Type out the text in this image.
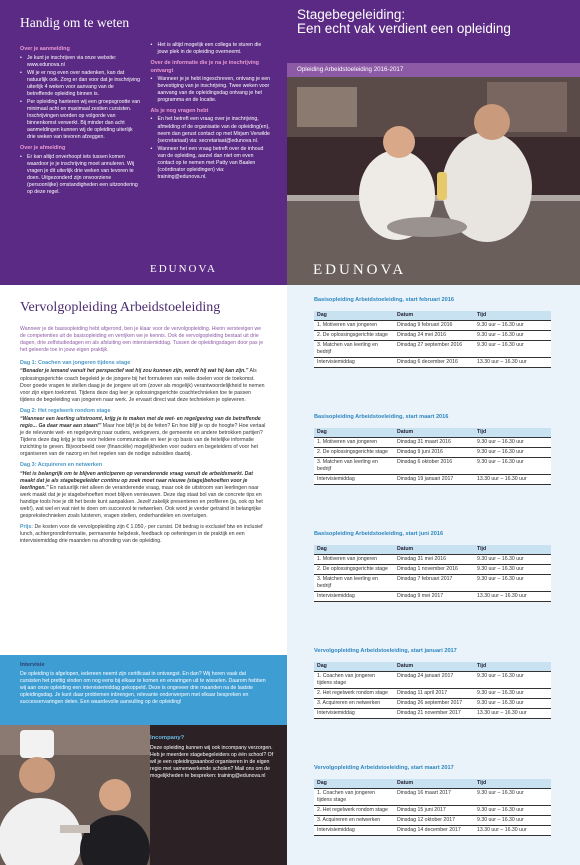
Handig om te weten
Over je aanmelding
• Je kunt je inschrijven via onze website: www.edunova.nl
• Wil je er nog even over nadenken, kan dat natuurlijk ook. Zorg er dan voor dat je inschrijving uiterlijk 4 weken voor aanvang van de betreffende opleiding binnen is.
• Per opleiding hanteren wij een groepsgrootte van minimaal acht en maximaal zestien cursisten. Inschrijvingen worden op volgorde van binnenkomst verwerkt. Bij minder dan acht aanmeldingen kunnen wij de opleiding uiterlijk drie weken van tevoren afzeggen.
Over je afmelding
• Er kan altijd onverhoopt iets tussen komen waardoor je je inschrijving moet annuleren. Wij vragen je dit uiterlijk drie weken van tevoren te doen. Uitgezonderd zijn onvoorziene (persoonlijke) omstandigheden een uitzondering op deze regel.
• Het is altijd mogelijk een collega te sturen die jouw plek in de opleiding overneemt.
Over de informatie die je na je inschrijving ontvangt
• Wanneer je je hebt ingeschreven, ontvang je een bevestiging van je inschrijving. Twee weken voor aanvang van de opleidingsdag ontvang je het programma en de locatie.
Als je nog vragen hebt
• En het betreft een vraag over je inschrijving, afmelding of de organisatie van de opleiding(en), neem dan gerust contact op met Mirjam Verwilde (secretariaat) via: secretariaat@edunova.nl.
• Wanneer het een vraag betreft over de inhoud van de opleiding, aarzel dan niet om even contact op te nemen met Patty van Baalen (coördinator opleidingen) via: training@edunova.nl.
EDUNOVA
Stagebegeleiding:
Een echt vak verdient een opleiding
Opleiding Arbeidstoeleiding 2016-2017
EDUNOVA
Vervolgopleiding Arbeidstoeleiding

Wanneer je de basisopleiding hebt afgerond, ben je klaar voor de vervolgopleiding. Hierin verstevigen we de competenties uit de basisopleiding en verrijken we je kennis. Ook de vervolgopleiding bestaat uit drie dagen, drie zelfstudiedagen en als afsluiting een intervisiemiddag. Tussen de opleidingsdagen door pas je het geleerde toe in jouw eigen praktijk.

Dag 1: Coachen van jongeren tijdens stage

“Benader je iemand vanuit het perspectief wat hij zou kunnen zijn, wordt hij wat hij kan zijn.” Als oplossingsgerichte coach begeleid je de jongere bij het formuleren van reële doelen voor de toekomst. Door goede vragen te stellen daag je de jongere uit om (zover als mogelijk) verantwoordelijkheid te nemen voor zijn eigen toekomst. Tijdens deze dag leer je oplossingsgerichte coachtechnieken toe te passen tijdens de begeleiding van jongeren naar werk. Je ervaart direct wat deze technieken je opleveren.

Dag 2: Het regelwerk rondom stage

“Wanneer een leerling uitstroomt, krijg je te maken met de wet- en regelgeving van de betreffende regio... Ga daar maar aan staan!” Maar hoe blijf je bij de feiten? En hoe blijf je op de hoogte? Hoe vertaal je de relevante wet- en regelgeving naar ouders, werkgevers, de gemeente en andere betrokken partijen? Tijdens deze dag krijg je tips voor heldere communicatie en leer je op basis van de feitelijke informatie inzichting te geven. Bijvoorbeeld over (financiële) mogelijkheden voor ouders en begeleiders of voor het organiseren van de nazorg en het regelen van de nodige subsidies daarbij.

Dag 3: Acquireren en netwerken

“Het is belangrijk om te blijven anticiperen op veranderende vraag vanuit de arbeidsmarkt. Dat maakt dat je als stagebegeleider continu op zoek moet naar nieuwe (stage)behoeften voor je leerlingen.” En natuurlijk niet alleen de veranderende vraag, maar ook de uitstroom van leerlingen naar werk maakt dat je je stagebehoeften moet blijven vernieuwen. Deze dag staat bol van de concrete tips en handige tools hoe je dit het beste kunt aanpakken. Jezelf zakelijk presenteren en profileren (ja, ook op het web!), wat wel en wat niet te doen om succesvol te netwerken. Ook word je verder getraind in belangrijke gesprekstechnieken zoals luisteren, vragen stellen, onderhandelen en overtuigen.

Prijs: De kosten voor de vervolgopleiding zijn € 1.050,- per cursist. Dit bedrag is exclusief btw en inclusief lunch, achtergrondinformatie, permanente helpdesk, feedback op oefeningen in de praktijk en een intervisiemiddag drie maanden na afronding van de opleiding.

Intervisie

De opleiding is afgelopen, iedereen neemt zijn certificaat in ontvangst. En dan? Wij horen vaak dat cursisten het prettig vinden om nog eens bij elkaar te komen en ervaringen uit te wisselen. Daarom hebben wij aan onze opleiding een intervisiemiddag gekoppeld. Deze is ongeveer drie maanden na de laatste opleidingsdag. Je kunt daar problemen inbrengen, relevante onderwerpen met elkaar bespreken en successervaringen delen. Een waardevolle aanvulling op de opleiding!

Incompany?

Deze opleiding kunnen wij ook incompany verzorgen. Heb je meerdere stagebegeleiders op één school? Of wil je een opleidingsaanbod organiseren in de eigen regio met samenwerkende scholen? Mail ons om de mogelijkheden te bespreken: training@edunova.nl

Basisopleiding Arbeidstoeleiding, start februari 2016
Dag	Datum	Tijd
1. Motiveren van jongeren	Dinsdag 9 februari 2016	9.30 uur – 16.30 uur
2. De oplossingsgerichte stage	Dinsdag 24 mei 2016	9.30 uur – 16.30 uur
3. Matchen van leerling en bedrijf	Dinsdag 27 september 2016	9.30 uur – 16.30 uur
Intervisiemiddag	Dinsdag 6 december 2016	13.30 uur – 16.30 uur
Basisopleiding Arbeidstoeleiding, start maart 2016
Dag	Datum	Tijd
1. Motiveren van jongeren	Dinsdag 31 maart 2016	9.30 uur – 16.30 uur
2. De oplossingsgerichte stage	Dinsdag 9 juni 2016	9.30 uur – 16.30 uur
3. Matchen van leerling en bedrijf	Dinsdag 6 oktober 2016	9.30 uur – 16.30 uur
Intervisiemiddag	Dinsdag 19 januari 2017	13.30 uur – 16.30 uur
Basisopleiding Arbeidstoeleiding, start juni 2016
Dag	Datum	Tijd
1. Motiveren van jongeren	Dinsdag 31 mei 2016	9.30 uur – 16.30 uur
2. De oplossingsgerichte stage	Dinsdag 1 november 2016	9.30 uur – 16.30 uur
3. Matchen van leerling en bedrijf	Dinsdag 7 februari 2017	9.30 uur – 16.30 uur
Intervisiemiddag	Dinsdag 9 mei 2017	13.30 uur – 16.30 uur
Vervolgopleiding Arbeidstoeleiding, start januari 2017
Dag	Datum	Tijd
1. Coachen van jongeren tijdens stage	Dinsdag 24 januari 2017	9.30 uur – 16.30 uur
2. Het regelwerk rondom stage	Dinsdag 11 april 2017	9.30 uur – 16.30 uur
3. Acquireren en netwerken	Dinsdag 26 september 2017	9.30 uur – 16.30 uur
Intervisiemiddag	Dinsdag 21 november 2017	13.30 uur – 16.30 uur
Vervolgopleiding Arbeidstoeleiding, start maart 2017
Dag	Datum	Tijd
1. Coachen van jongeren tijdens stage	Dinsdag 16 maart 2017	9.30 uur – 16.30 uur
2. Het regelwerk rondom stage	Dinsdag 15 juni 2017	9.30 uur – 16.30 uur
3. Acquireren en netwerken	Dinsdag 12 oktober 2017	9.30 uur – 16.30 uur
Intervisiemiddag	Dinsdag 14 december 2017	13.30 uur – 16.30 uur
